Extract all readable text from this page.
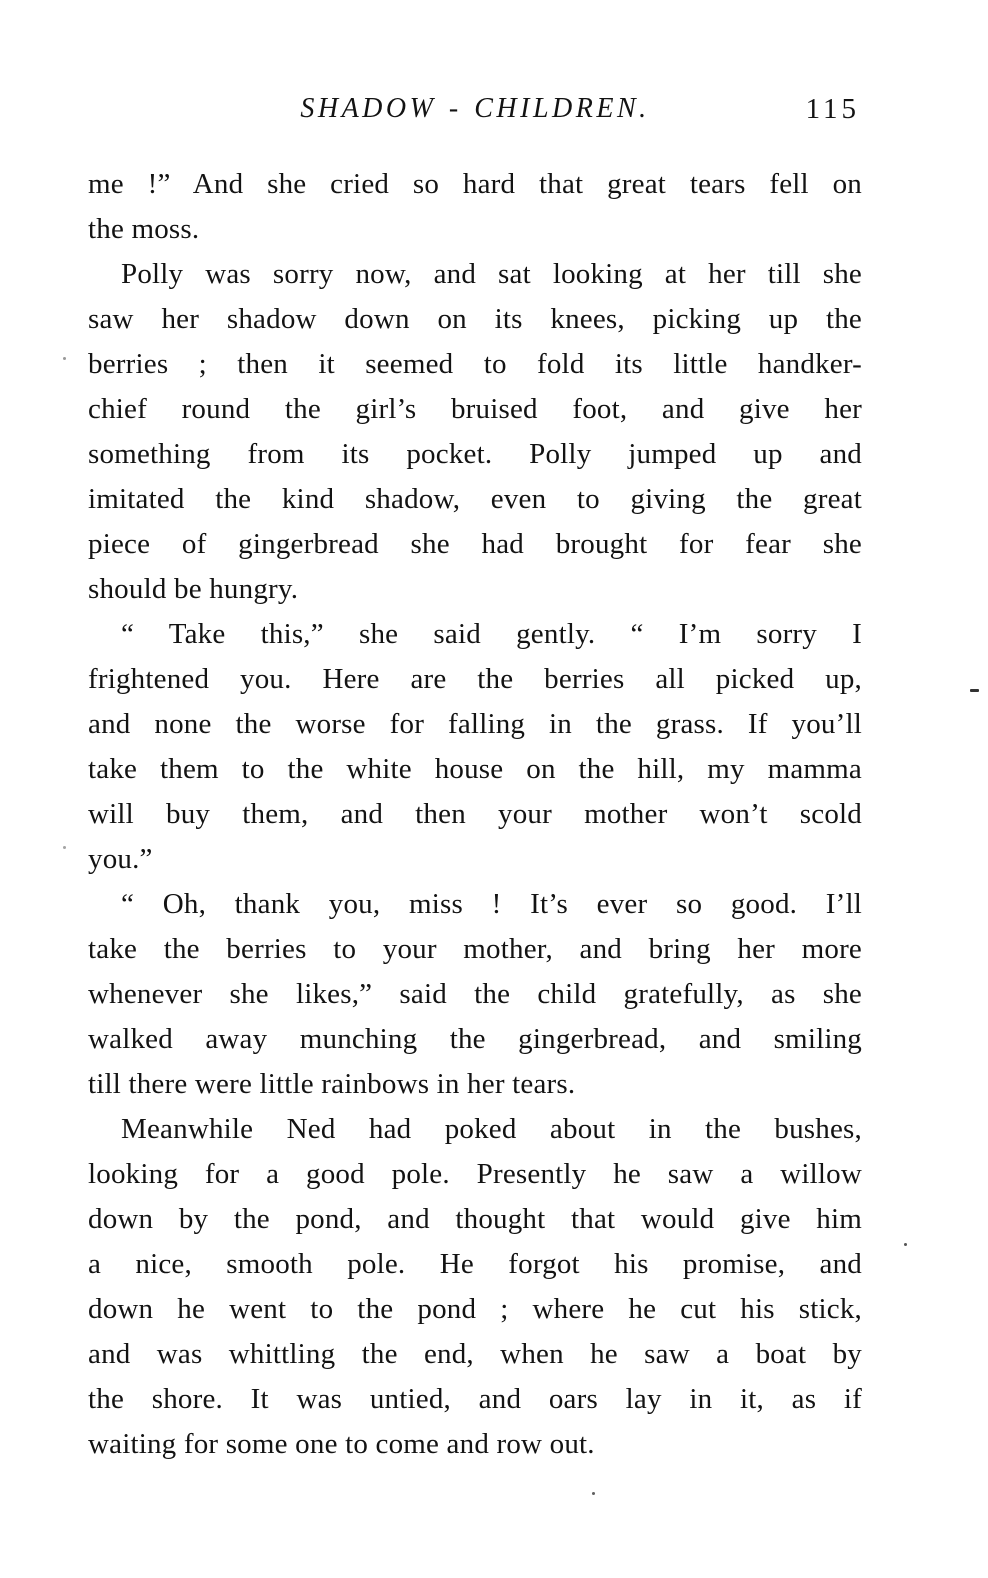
SHADOW - CHILDREN.	115
me !” And she cried so hard that great tears fell on
the moss.
Polly was sorry now, and sat looking at her till she
saw her shadow down on its knees, picking up the
berries ; then it seemed to fold its little handker-
chief round the girl’s bruised foot, and give her
something from its pocket. Polly jumped up and
imitated the kind shadow, even to giving the great
piece of gingerbread she had brought for fear she
should be hungry.
“ Take this,” she said gently. “ I’m sorry I
frightened you. Here are the berries all picked up,
and none the worse for falling in the grass. If you’ll
take them to the white house on the hill, my mamma
will buy them, and then your mother won’t scold
you.”
“ Oh, thank you, miss ! It’s ever so good. I’ll
take the berries to your mother, and bring her more
whenever she likes,” said the child gratefully, as she
walked away munching the gingerbread, and smiling
till there were little rainbows in her tears.
Meanwhile Ned had poked about in the bushes,
looking for a good pole. Presently he saw a willow
down by the pond, and thought that would give him
a nice, smooth pole. He forgot his promise, and
down he went to the pond ; where he cut his stick,
and was whittling the end, when he saw a boat by
the shore. It was untied, and oars lay in it, as if
waiting for some one to come and row out.
